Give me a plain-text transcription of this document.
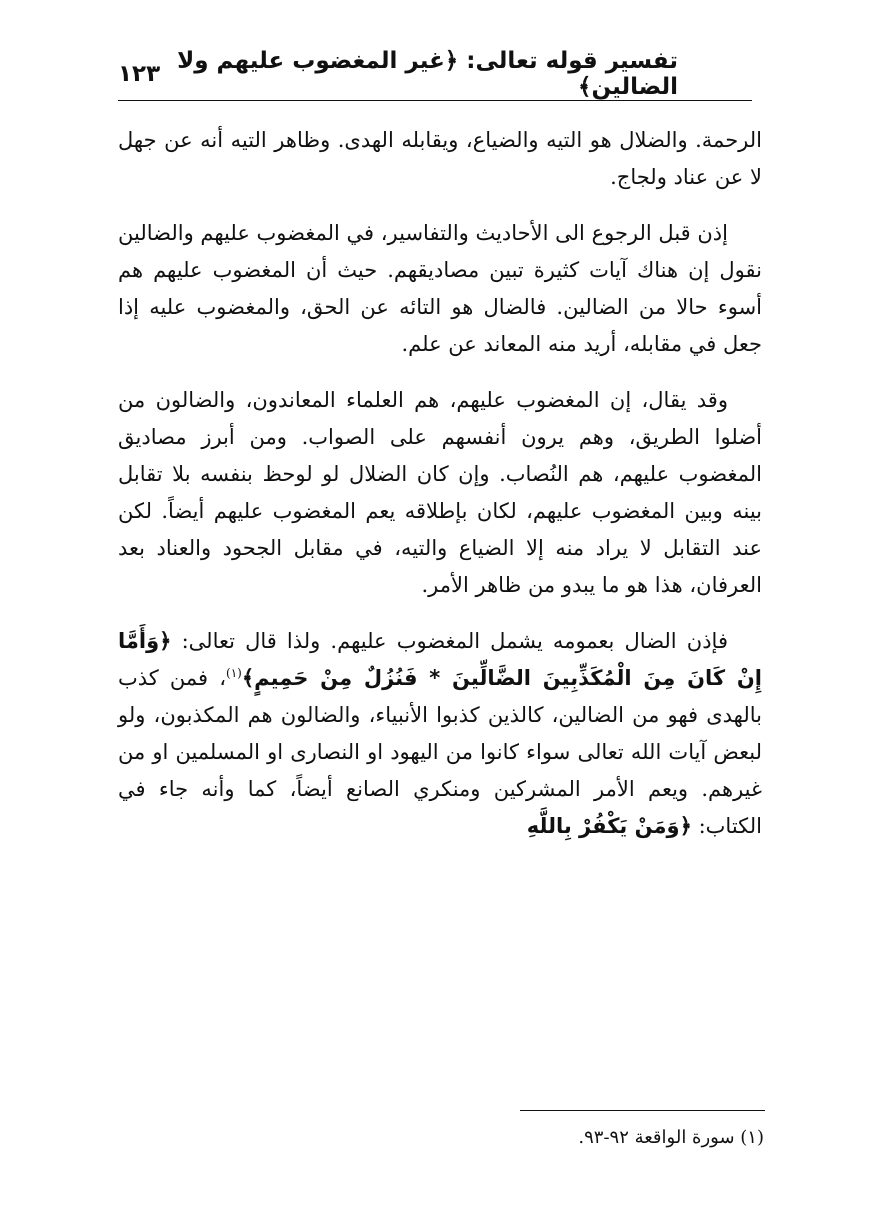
تفسير قوله تعالى: ﴿غير المغضوب عليهم ولا الضالين﴾
١٢٣

الرحمة. والضلال هو التيه والضياع، ويقابله الهدى. وظاهر التيه أنه عن جهل لا عن عناد ولجاج.

إذن قبل الرجوع الى الأحاديث والتفاسير، في المغضوب عليهم والضالين نقول إن هناك آيات كثيرة تبين مصاديقهم. حيث أن المغضوب عليهم هم أسوء حالا من الضالين. فالضال هو التائه عن الحق، والمغضوب عليه إذا جعل في مقابله، أريد منه المعاند عن علم.

وقد يقال، إن المغضوب عليهم، هم العلماء المعاندون، والضالون من أضلوا الطريق، وهم يرون أنفسهم على الصواب. ومن أبرز مصاديق المغضوب عليهم، هم النُصاب. وإن كان الضلال لو لوحظ بنفسه بلا تقابل بينه وبين المغضوب عليهم، لكان بإطلاقه يعم المغضوب عليهم أيضاً. لكن عند التقابل لا يراد منه إلا الضياع والتيه، في مقابل الجحود والعناد بعد العرفان، هذا هو ما يبدو من ظاهر الأمر.

فإذن الضال بعمومه يشمل المغضوب عليهم. ولذا قال تعالى: ﴿وَأَمَّا إِنْ كَانَ مِنَ الْمُكَذِّبِينَ الضَّالِّينَ * فَنُزُلٌ مِنْ حَمِيمٍ﴾$^{(١)}$، فمن كذب بالهدى فهو من الضالين، كالذين كذبوا الأنبياء، والضالون هم المكذبون، ولو لبعض آيات الله تعالى سواء كانوا من اليهود او النصارى او المسلمين او من غيرهم. ويعم الأمر المشركين ومنكري الصانع أيضاً، كما وأنه جاء في الكتاب: ﴿وَمَنْ يَكْفُرْ بِاللَّهِ

(١) سورة الواقعة ٩٢-٩٣.
